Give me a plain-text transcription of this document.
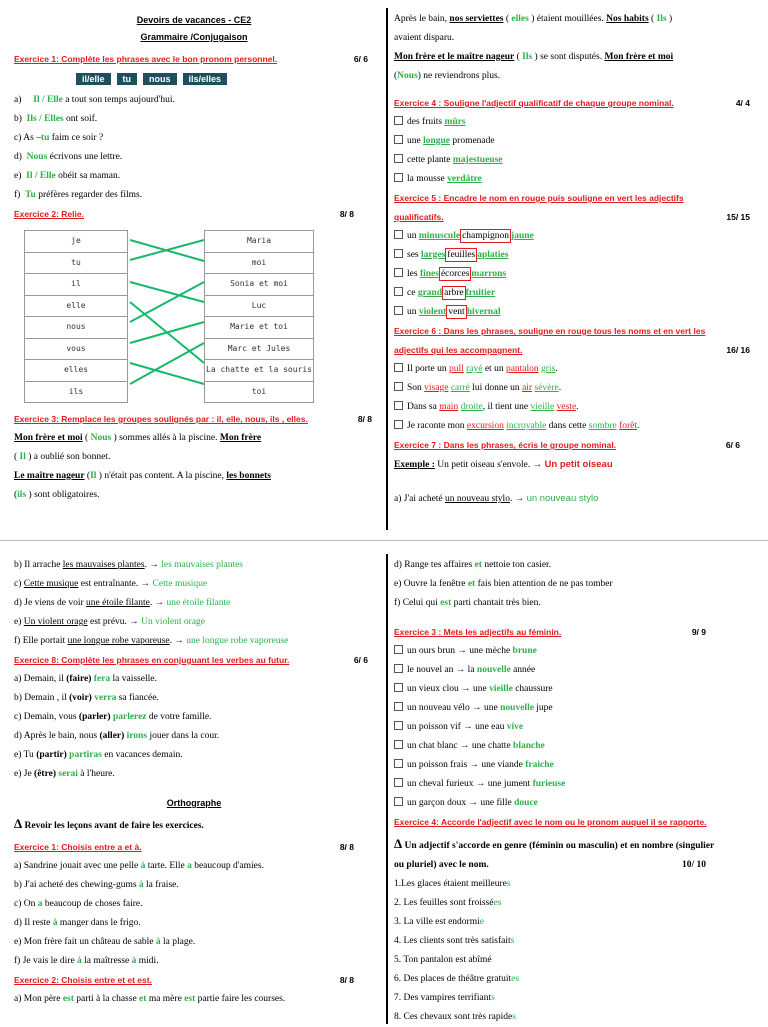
Devoirs de vacances - CE2
Grammaire /Conjugaison
Exercice 1: Complète les phrases avec le bon pronom personnel.	6/ 6
il/elle tu nous ils/elles

a) Il / Elle a tout son temps aujourd'hui.

b) Ils / Elles ont soif.

c) As –tu faim ce soir ?

d) Nous écrivons une lettre.

e) Il / Elle obéit sa maman.

f) Tu préfères regarder des films.

Exercice 2: Relie.	8/ 8
je
tu
il
elle
nous
vous
elles
ils
Maria
moi
Sonia et moi
Luc
Marie et toi
Marc et Jules
La chatte et la souris
toi
Exercice 3: Remplace les groupes soulignés par : il, elle, nous, ils , elles.	8/ 8

Mon frère et moi ( Nous ) sommes allés à la piscine. Mon frère

( Il ) a oublié son bonnet.

Le maître nageur (Il ) n'était pas content. A la piscine, les bonnets

(ils ) sont obligatoires.

Après le bain, nos serviettes ( elles ) étaient mouillées. Nos habits ( Ils )

avaient disparu.

Mon frère et le maître nageur ( Ils ) se sont disputés. Mon frère et moi

(Nous) ne reviendrons plus.

Exercice 4 : Souligne l'adjectif qualificatif de chaque groupe nominal.	4/ 4

des fruits mûrs

une longue promenade

cette plante majestueuse

la mousse verdâtre

Exercice 5 : Encadre le nom en rouge puis souligne en vert les adjectifs
qualificatifs.	15/ 15

un minuscule champignon jaune

ses larges feuilles aplaties

les fines écorces marrons

ce grand arbre fruitier

un violent vent hivernal

Exercice 6 : Dans les phrases, souligne en rouge tous les noms et en vert les
adjectifs qui les accompagnent.	16/ 16

Il porte un pull rayé et un pantalon gris.

Son visage carré lui donne un air sévère.

Dans sa main droite, il tient une vieille veste.

Je raconte mon excursion incroyable dans cette sombre forêt.

Exercice 7 : Dans les phrases, écris le groupe nominal.	6/ 6

Exemple : Un petit oiseau s'envole. → Un petit oiseau

a) J'ai acheté un nouveau stylo. → un nouveau stylo

b) Il arrache les mauvaises plantes. → les mauvaises plantes

c) Cette musique est entraînante. → Cette musique

d) Je viens de voir une étoile filante. → une étoile filante

e) Un violent orage est prévu. → Un violent orage

f) Elle portait une longue robe vaporeuse. → une longue robe vaporeuse

Exercice 8: Complète les phrases en conjuguant les verbes au futur.	6/ 6

a) Demain, il (faire) fera la vaisselle.

b) Demain , il (voir) verra sa fiancée.

c) Demain, vous (parler) parlerez de votre famille.

d) Après le bain, nous (aller) irons jouer dans la cour.

e) Tu (partir) partiras en vacances demain.

e) Je (être) serai à l'heure.

Orthographe

Δ Revoir les leçons avant de faire les exercices.

Exercice 1: Choisis entre a et à.	8/ 8

a) Sandrine jouait avec une pelle à tarte. Elle a beaucoup d'amies.

b) J'ai acheté des chewing-gums à la fraise.

c) On a beaucoup de choses faire.

d) Il reste à manger dans le frigo.

e) Mon frère fait un château de sable à la plage.

f) Je vais le dire à la maîtresse à midi.

Exercice 2: Choisis entre et et est.	8/ 8

a) Mon père est parti à la chasse et ma mère est partie faire les courses.

d) Range tes affaires et nettoie ton casier.

e) Ouvre la fenêtre et fais bien attention de ne pas tomber

f) Celui qui est parti chantait très bien.

Exercice 3 : Mets les adjectifs au féminin.	9/ 9

un ours brun → une mèche brune

le nouvel an → la nouvelle année

un vieux clou → une vieille chaussure

un nouveau vélo → une nouvelle jupe

un poisson vif → une eau vive

un chat blanc → une chatte blanche

un poisson frais → une viande fraiche

un cheval furieux → une jument furieuse

un garçon doux → une fille douce

Exercice 4: Accorde l'adjectif avec le nom ou le pronom auquel il se rapporte.

Δ Un adjectif s'accorde en genre (féminin ou masculin) et en nombre (singulier

ou pluriel) avec le nom.	10/ 10

1.Les glaces étaient meilleures

2. Les feuilles sont froissées

3. La ville est endormie

4. Les clients sont très satisfaits

5. Ton pantalon est abîmé

6. Des places de théâtre gratuites

7. Des vampires terrifiants

8. Ces chevaux sont très rapides
